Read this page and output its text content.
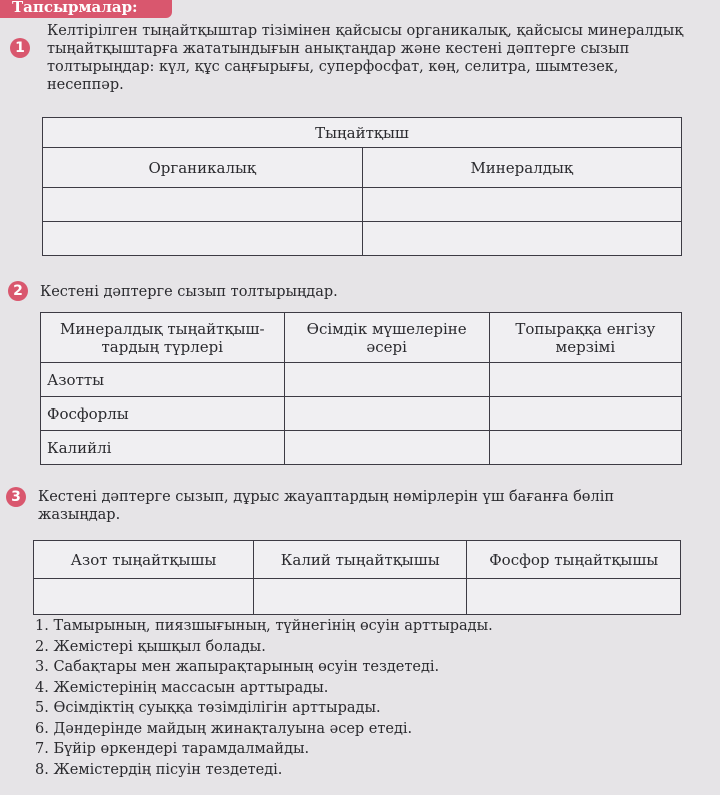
Тапсырмалар:
1
Келтірілген тыңайтқыштар тізімінен қайсысы органикалық, қайсысы минералдық тыңайтқыштарға жататындығын анықтаңдар және кестені дәптерге сызып толтырыңдар: күл, құс саңғырығы, суперфосфат, көң, селитра, шымтезек, несеппәр.
Тыңайтқыш	
Органикалық	Минералдық

2	Кестені дәптерге сызып толтырыңдар.
Минералдық тыңайтқыш- тардың түрлері	Өсімдік мүшелеріне әсері	Топыраққа енгізу мерзімі
Азотты		
Фосфорлы		
Калийлі		
3	Кестені дәптерге сызып, дұрыс жауаптардың нөмірлерін үш бағанға бөліп жазыңдар.
Азот тыңайтқышы	Калий тыңайтқышы	Фосфор тыңайтқышы

1. Тамырының, пиязшығының, түйнегінің өсуін арттырады.
2. Жемістері қышқыл болады.
3. Сабақтары мен жапырақтарының өсуін тездетеді.
4. Жемістерінің массасын арттырады.
5. Өсімдіктің суыққа төзімділігін арттырады.
6. Дәндерінде майдың жинақталуына әсер етеді.
7. Бүйір өркендері тарамдалмайды.
8. Жемістердің пісуін тездетеді.
